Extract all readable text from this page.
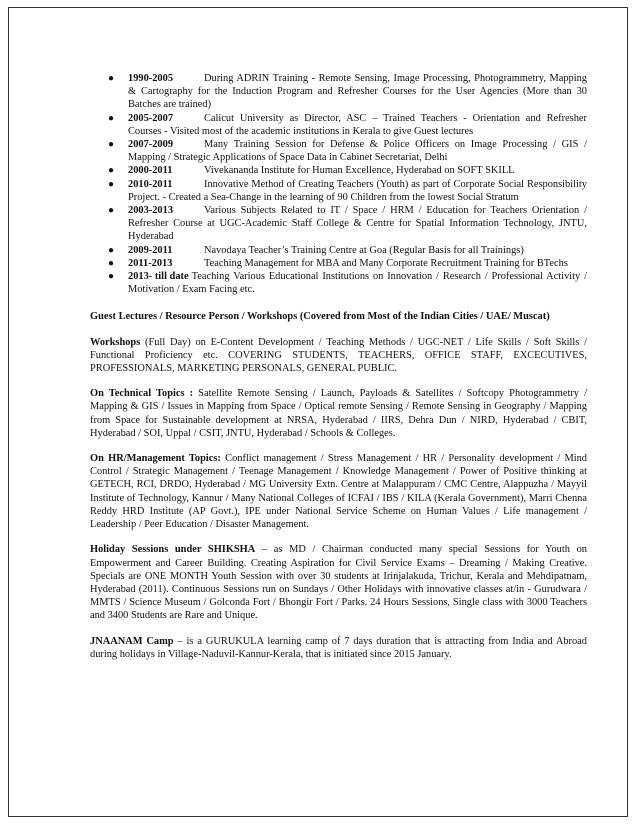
● 1990-2005	During ADRIN Training - Remote Sensing, Image Processing, Photogrammetry, Mapping & Cartography for the Induction Program and Refresher Courses for the User Agencies (More than 30 Batches are trained)
● 2005-2007	Calicut University as Director, ASC – Trained Teachers - Orientation and Refresher Courses - Visited most of the academic institutions in Kerala to give Guest lectures
● 2007-2009	Many Training Session for Defense & Police Officers on Image Processing / GIS / Mapping / Strategic Applications of Space Data in Cabinet Secretariat, Delhi
● 2000-2011	Vivekananda Institute for Human Excellence, Hyderabad on SOFT SKILL
● 2010-2011	Innovative Method of Creating Teachers (Youth) as part of Corporate Social Responsibility Project. - Created a Sea-Change in the learning of 90 Children from the lowest Social Stratum
● 2003-2013	Various Subjects Related to IT / Space / HRM / Education for Teachers Orientation / Refresher Course at UGC-Academic Staff College & Centre for Spatial Information Technology, JNTU, Hyderabad
● 2009-2011	Navodaya Teacher’s Training Centre at Goa (Regular Basis for all Trainings)
● 2011-2013	Teaching Management for MBA and Many Corporate Recruitment Training for BTechs
● 2013- till date Teaching Various Educational Institutions on Innovation / Research / Professional Activity / Motivation / Exam Facing etc.

Guest Lectures / Resource Person / Workshops (Covered from Most of the Indian Cities / UAE/ Muscat)

Workshops (Full Day) on E-Content Development / Teaching Methods / UGC-NET / Life Skills / Soft Skills / Functional Proficiency etc. COVERING STUDENTS, TEACHERS, OFFICE STAFF, EXCECUTIVES, PROFESSIONALS, MARKETING PERSONALS, GENERAL PUBLIC.

On Technical Topics : Satellite Remote Sensing / Launch, Payloads & Satellites / Softcopy Photogrammetry / Mapping & GIS / Issues in Mapping from Space / Optical remote Sensing / Remote Sensing in Geography / Mapping from Space for Sustainable development at NRSA, Hyderabad / IIRS, Dehra Dun / NIRD, Hyderabad / CBIT, Hyderabad / SOI, Uppal / CSIT, JNTU, Hyderabad / Schools & Colleges.

On HR/Management Topics: Conflict management / Stress Management / HR / Personality development / Mind Control / Strategic Management / Teenage Management / Knowledge Management / Power of Positive thinking at GETECH, RCI, DRDO, Hyderabad / MG University Extn. Centre at Malappuram / CMC Centre, Alappuzha / Mayyil Institute of Technology, Kannur / Many National Colleges of ICFAI / IBS / KILA (Kerala Government), Marri Chenna Reddy HRD Institute (AP Govt.), IPE under National Service Scheme on Human Values / Life management / Leadership / Peer Education / Disaster Management.

Holiday Sessions under SHIKSHA – as MD / Chairman conducted many special Sessions for Youth on Empowerment and Career Building. Creating Aspiration for Civil Service Exams – Dreaming / Making Creative. Specials are ONE MONTH Youth Session with over 30 students at Irinjalakuda, Trichur, Kerala and Mehdipatnam, Hyderabad (2011). Continuous Sessions run on Sundays / Other Holidays with innovative classes at/in - Gurudwara / MMTS / Science Museum / Golconda Fort / Bhongir Fort / Parks. 24 Hours Sessions, Single class with 3000 Teachers and 3400 Students are Rare and Unique.

JNAANAM Camp – is a GURUKULA learning camp of 7 days duration that is attracting from India and Abroad during holidays in Village-Naduvil-Kannur-Kerala, that is initiated since 2015 January.
